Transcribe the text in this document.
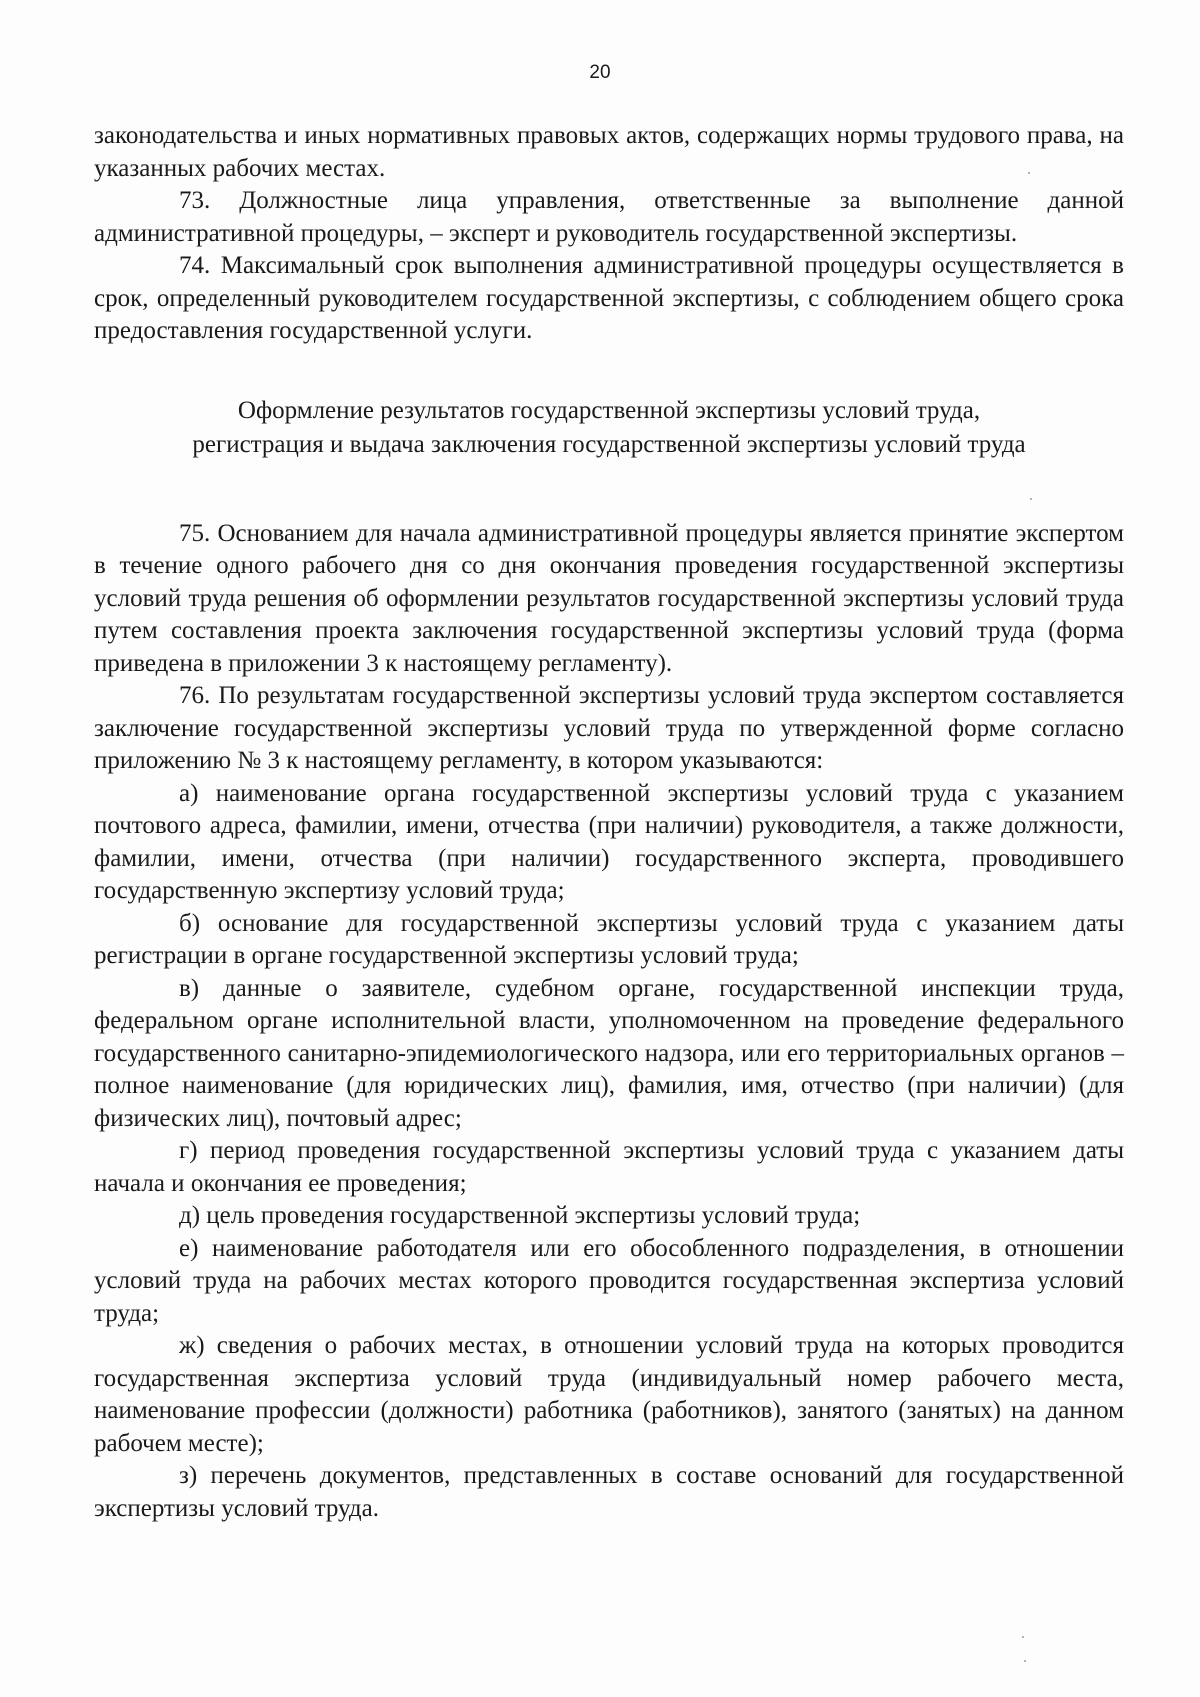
20

законодательства и иных нормативных правовых актов, содержащих нормы трудового права, на указанных рабочих местах.

73. Должностные лица управления, ответственные за выполнение данной административной процедуры, – эксперт и руководитель государственной экспертизы.

74. Максимальный срок выполнения административной процедуры осуществляется в срок, определенный руководителем государственной экспертизы, с соблюдением общего срока предоставления государственной услуги.

Оформление результатов государственной экспертизы условий труда,
регистрация и выдача заключения государственной экспертизы условий труда

75. Основанием для начала административной процедуры является принятие экспертом в течение одного рабочего дня со дня окончания проведения государственной экспертизы условий труда решения об оформлении результатов государственной экспертизы условий труда путем составления проекта заключения государственной экспертизы условий труда (форма приведена в приложении 3 к настоящему регламенту).

76. По результатам государственной экспертизы условий труда экспертом составляется заключение государственной экспертизы условий труда по утвержденной форме согласно приложению № 3 к настоящему регламенту, в котором указываются:

а) наименование органа государственной экспертизы условий труда с указанием почтового адреса, фамилии, имени, отчества (при наличии) руководителя, а также должности, фамилии, имени, отчества (при наличии) государственного эксперта, проводившего государственную экспертизу условий труда;

б) основание для государственной экспертизы условий труда с указанием даты регистрации в органе государственной экспертизы условий труда;

в) данные о заявителе, судебном органе, государственной инспекции труда, федеральном органе исполнительной власти, уполномоченном на проведение федерального государственного санитарно-эпидемиологического надзора, или его территориальных органов – полное наименование (для юридических лиц), фамилия, имя, отчество (при наличии) (для физических лиц), почтовый адрес;

г) период проведения государственной экспертизы условий труда с указанием даты начала и окончания ее проведения;

д) цель проведения государственной экспертизы условий труда;

е) наименование работодателя или его обособленного подразделения, в отношении условий труда на рабочих местах которого проводится государственная экспертиза условий труда;

ж) сведения о рабочих местах, в отношении условий труда на которых проводится государственная экспертиза условий труда (индивидуальный номер рабочего места, наименование профессии (должности) работника (работников), занятого (занятых) на данном рабочем месте);

з) перечень документов, представленных в составе оснований для государственной экспертизы условий труда.
